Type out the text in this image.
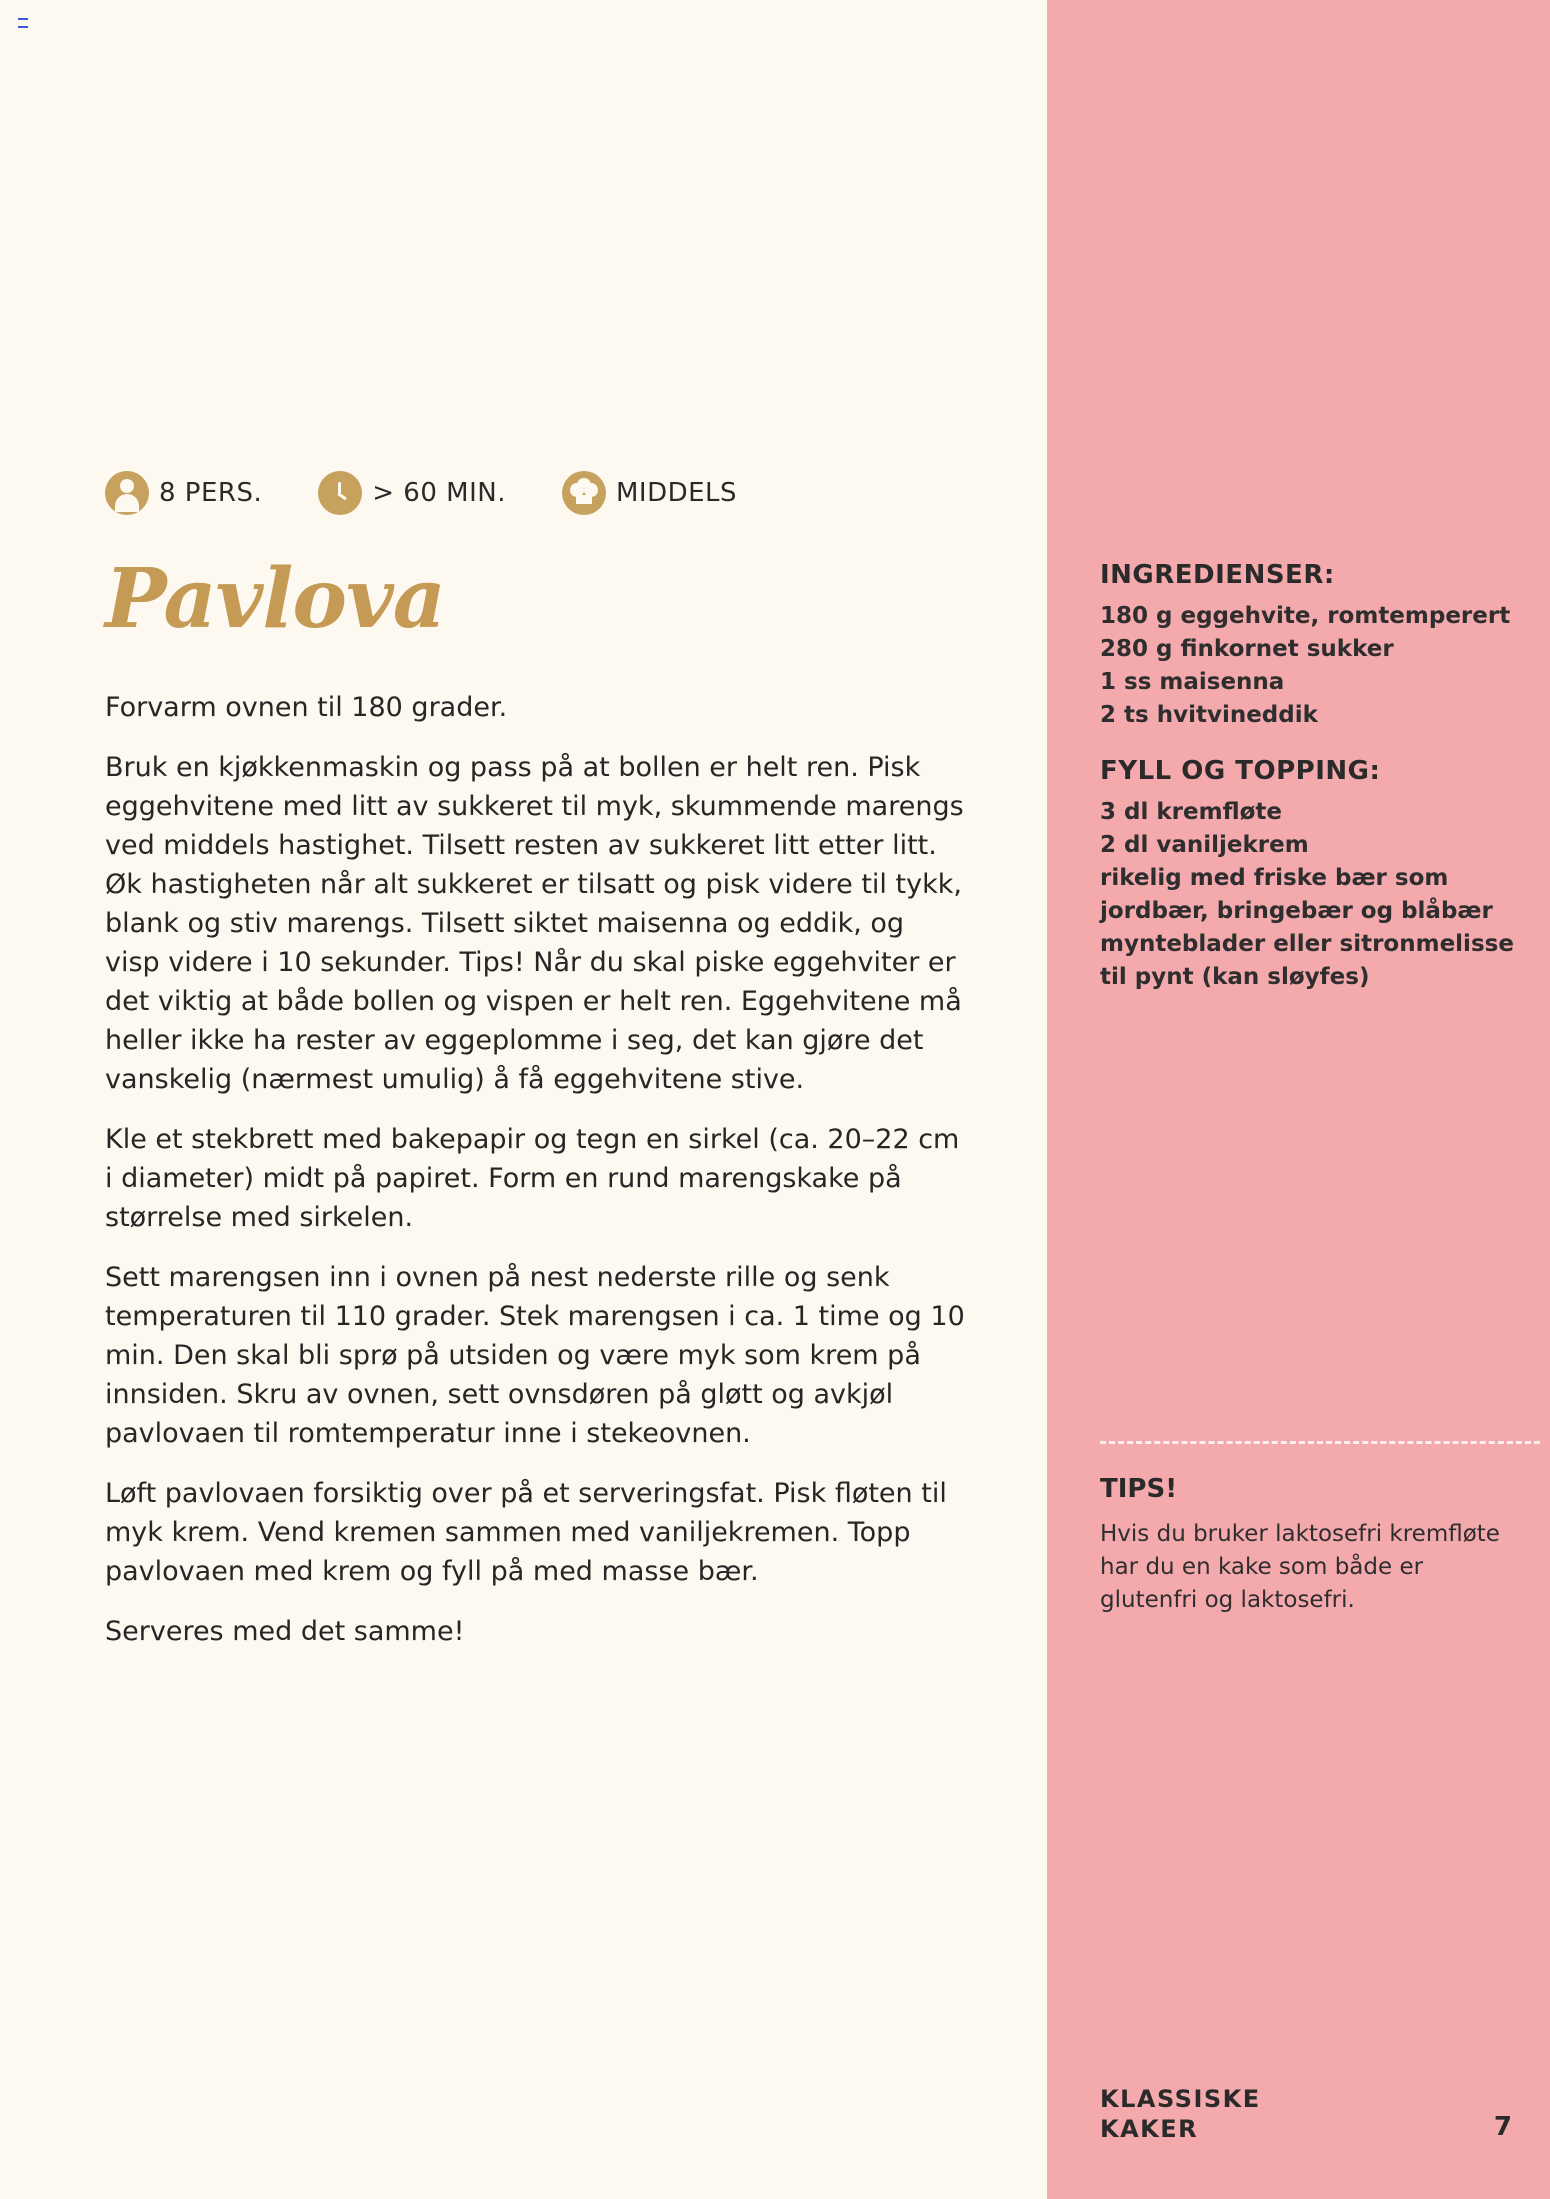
8 PERS.	> 60 MIN.	MIDDELS
Pavlova

Forvarm ovnen til 180 grader.

Bruk en kjøkkenmaskin og pass på at bollen er helt ren. Pisk eggehvitene med litt av sukkeret til myk, skummende marengs ved middels hastighet. Tilsett resten av sukkeret litt etter litt. Øk hastigheten når alt sukkeret er tilsatt og pisk videre til tykk, blank og stiv marengs. Tilsett siktet maisenna og eddik, og visp videre i 10 sekunder. Tips! Når du skal piske eggehviter er det viktig at både bollen og vispen er helt ren. Eggehvitene må heller ikke ha rester av eggeplomme i seg, det kan gjøre det vanskelig (nærmest umulig) å få eggehvitene stive.

Kle et stekbrett med bakepapir og tegn en sirkel (ca. 20–22 cm i diameter) midt på papiret. Form en rund marengskake på størrelse med sirkelen.

Sett marengsen inn i ovnen på nest nederste rille og senk temperaturen til 110 grader. Stek marengsen i ca. 1 time og 10 min. Den skal bli sprø på utsiden og være myk som krem på innsiden. Skru av ovnen, sett ovnsdøren på gløtt og avkjøl pavlovaen til romtemperatur inne i stekeovnen.

Løft pavlovaen forsiktig over på et serveringsfat. Pisk fløten til myk krem. Vend kremen sammen med vaniljekremen. Topp pavlovaen med krem og fyll på med masse bær.

Serveres med det samme!

INGREDIENSER:
180 g eggehvite, romtemperert
280 g finkornet sukker
1 ss maisenna
2 ts hvitvineddik
FYLL OG TOPPING:
3 dl kremfløte
2 dl vaniljekrem
rikelig med friske bær som
jordbær, bringebær og blåbær
mynteblader eller sitronmelisse
til pynt (kan sløyfes)
TIPS!
Hvis du bruker laktosefri kremfløte har du en kake som både er glutenfri og laktosefri.
KLASSISKE
KAKER	7
